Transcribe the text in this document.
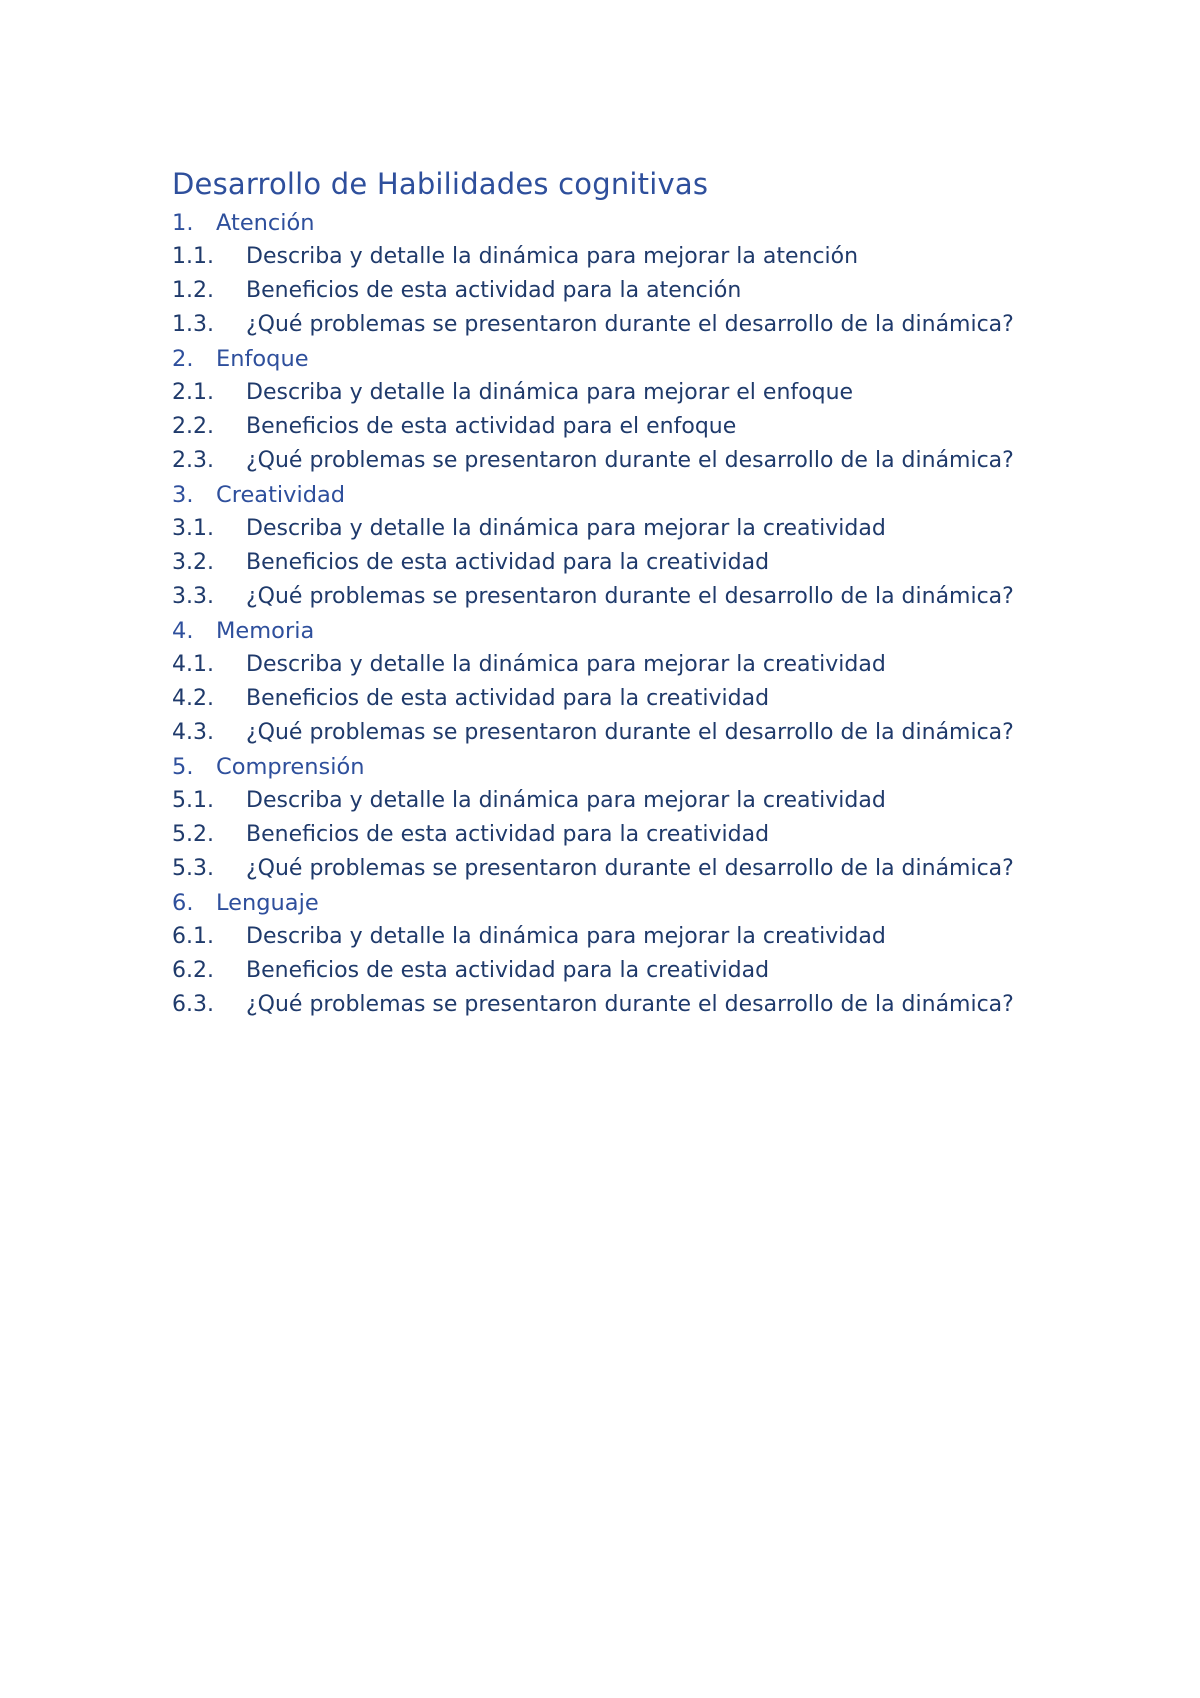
Desarrollo de Habilidades cognitivas
1.	Atención
1.1.	Describa y detalle la dinámica para mejorar la atención
1.2.	Beneficios de esta actividad para la atención
1.3.	¿Qué problemas se presentaron durante el desarrollo de la dinámica?
2.	Enfoque
2.1.	Describa y detalle la dinámica para mejorar el enfoque
2.2.	Beneficios de esta actividad para el enfoque
2.3.	¿Qué problemas se presentaron durante el desarrollo de la dinámica?
3.	Creatividad
3.1.	Describa y detalle la dinámica para mejorar la creatividad
3.2.	Beneficios de esta actividad para la creatividad
3.3.	¿Qué problemas se presentaron durante el desarrollo de la dinámica?
4.	Memoria
4.1.	Describa y detalle la dinámica para mejorar la creatividad
4.2.	Beneficios de esta actividad para la creatividad
4.3.	¿Qué problemas se presentaron durante el desarrollo de la dinámica?
5.	Comprensión
5.1.	Describa y detalle la dinámica para mejorar la creatividad
5.2.	Beneficios de esta actividad para la creatividad
5.3.	¿Qué problemas se presentaron durante el desarrollo de la dinámica?
6.	Lenguaje
6.1.	Describa y detalle la dinámica para mejorar la creatividad
6.2.	Beneficios de esta actividad para la creatividad
6.3.	¿Qué problemas se presentaron durante el desarrollo de la dinámica?
